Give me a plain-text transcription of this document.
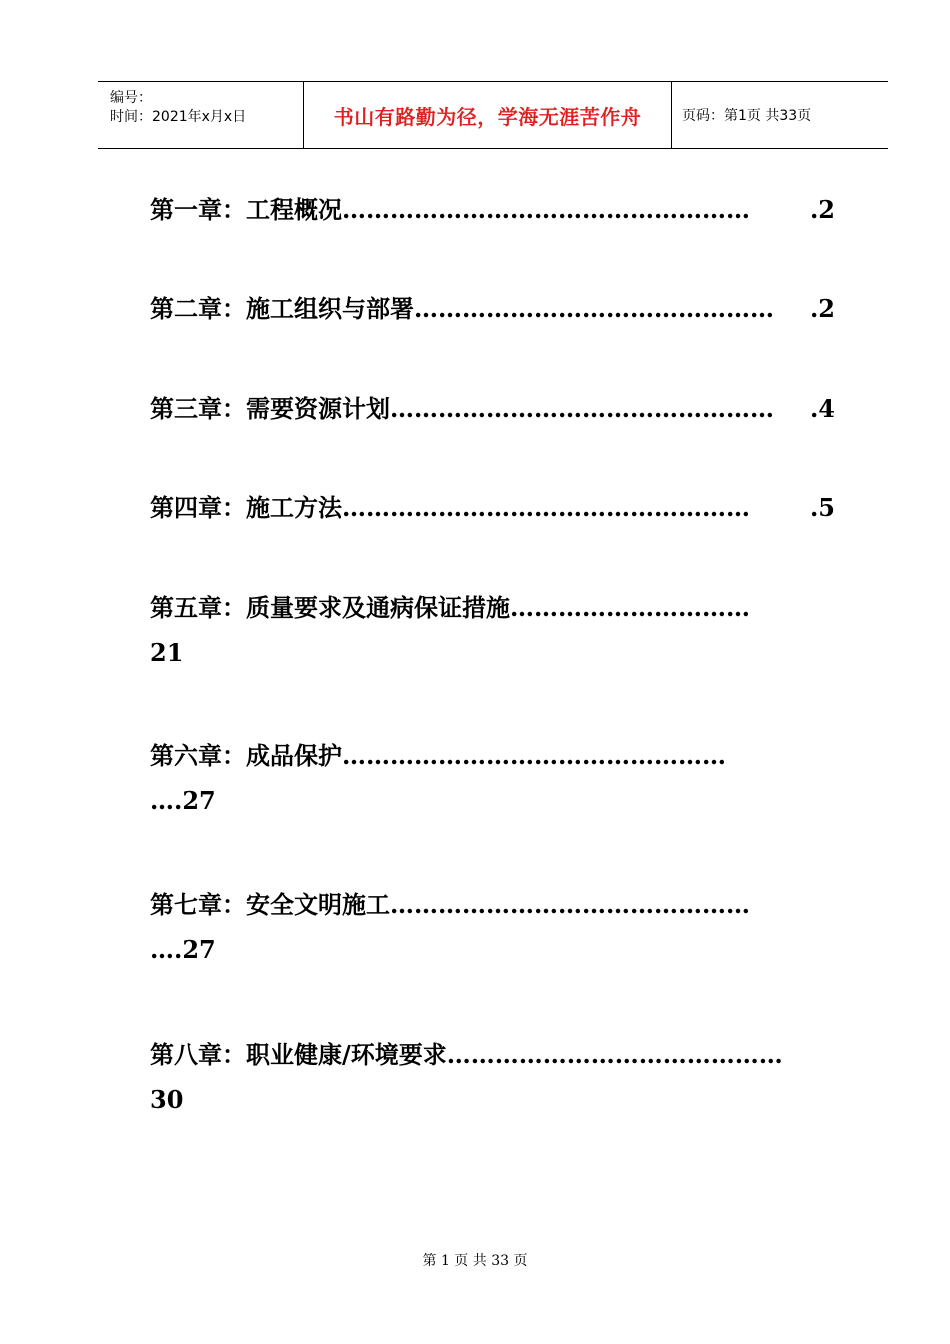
编号：
时间：2021年x月x日	书山有路勤为径，学海无涯苦作舟	页码：第1页 共33页
第一章：工程概况 ……………………………………………	.2
第二章：施工组织与部署 ………………………………………	.2
第三章：需要资源计划 …………………………………………	.4
第四章：施工方法 ……………………………………………	.5
第五章：质量要求及通病保证措施 …………………………
21
第六章：成品保护 …………………………………………
….27
第七章：安全文明施工 ………………………………………
….27
第八章：职业健康/环境要求 ……………………………………
30
第 1 页 共 33 页
